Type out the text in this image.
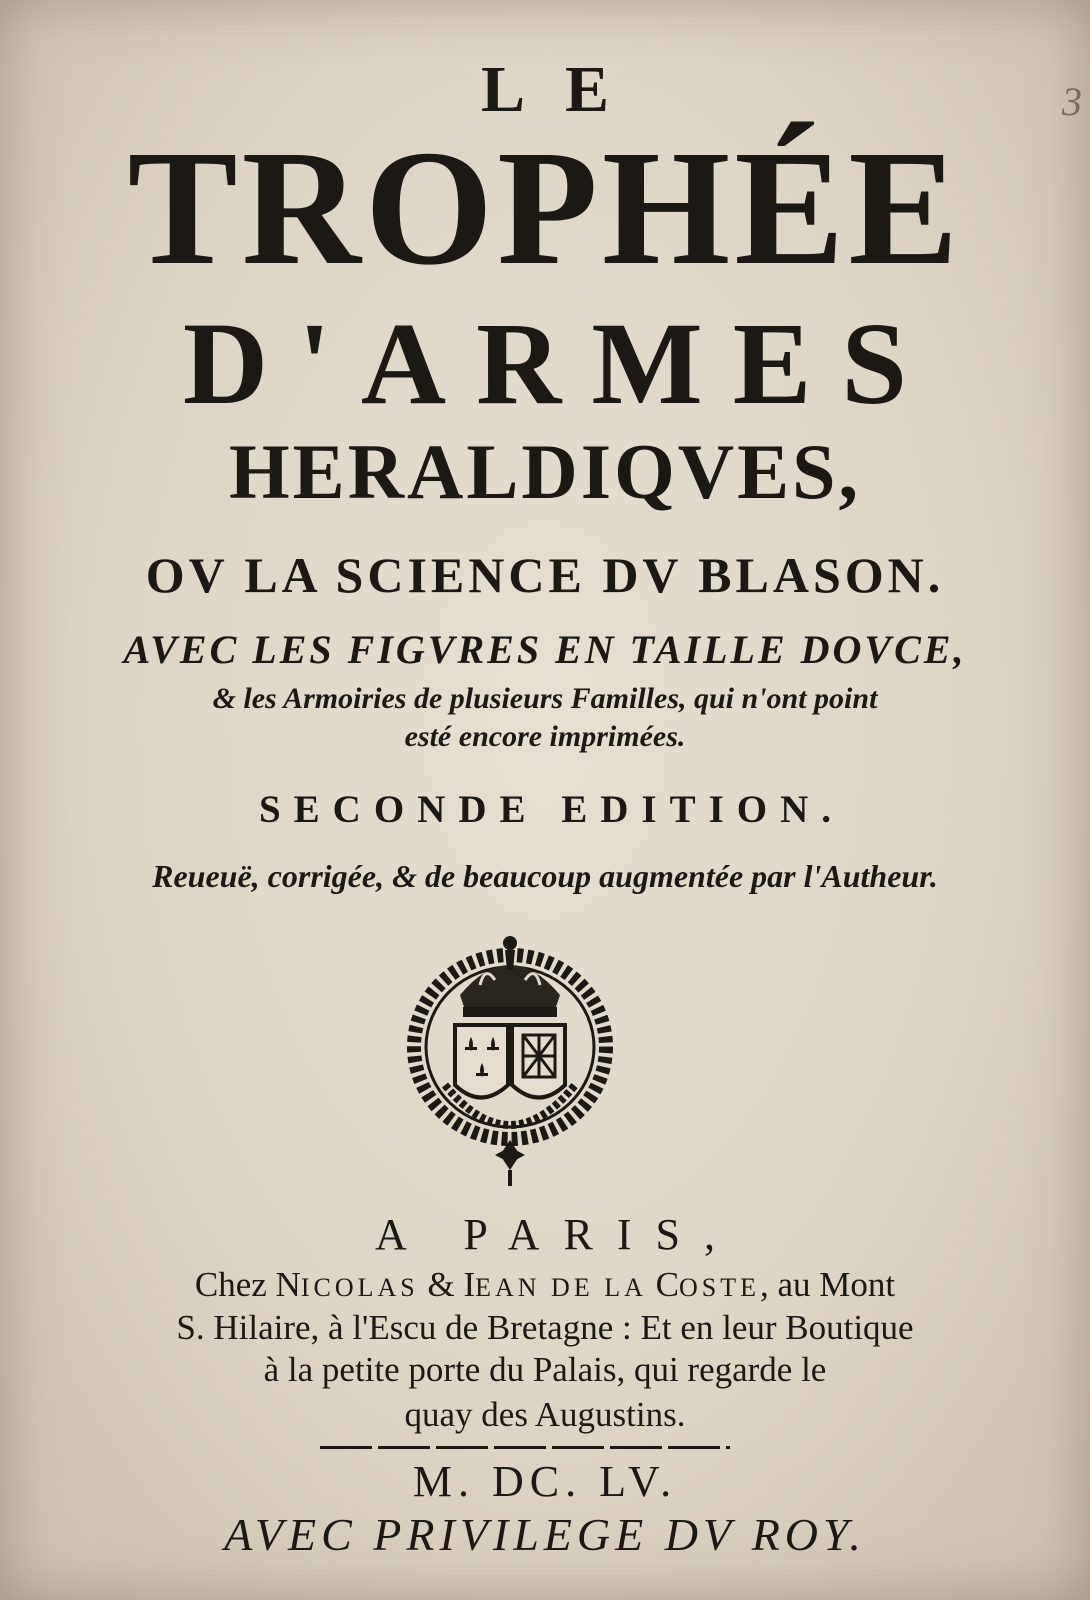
3
LE
TROPHÉE
D'ARMES
HERALDIQVES,
OV LA SCIENCE DV BLASON.
AVEC LES FIGVRES EN TAILLE DOVCE,
& les Armoiries de plusieurs Familles, qui n'ont point
esté encore imprimées.
SECONDE EDITION.
Reueuë, corrigée, & de beaucoup augmentée par l'Autheur.
A PARIS,
Chez NICOLAS & IEAN DE LA COSTE, au Mont
S. Hilaire, à l'Escu de Bretagne : Et en leur Boutique
à la petite porte du Palais, qui regarde le
quay des Augustins.
M. DC. LV.
AVEC PRIVILEGE DV ROY.
